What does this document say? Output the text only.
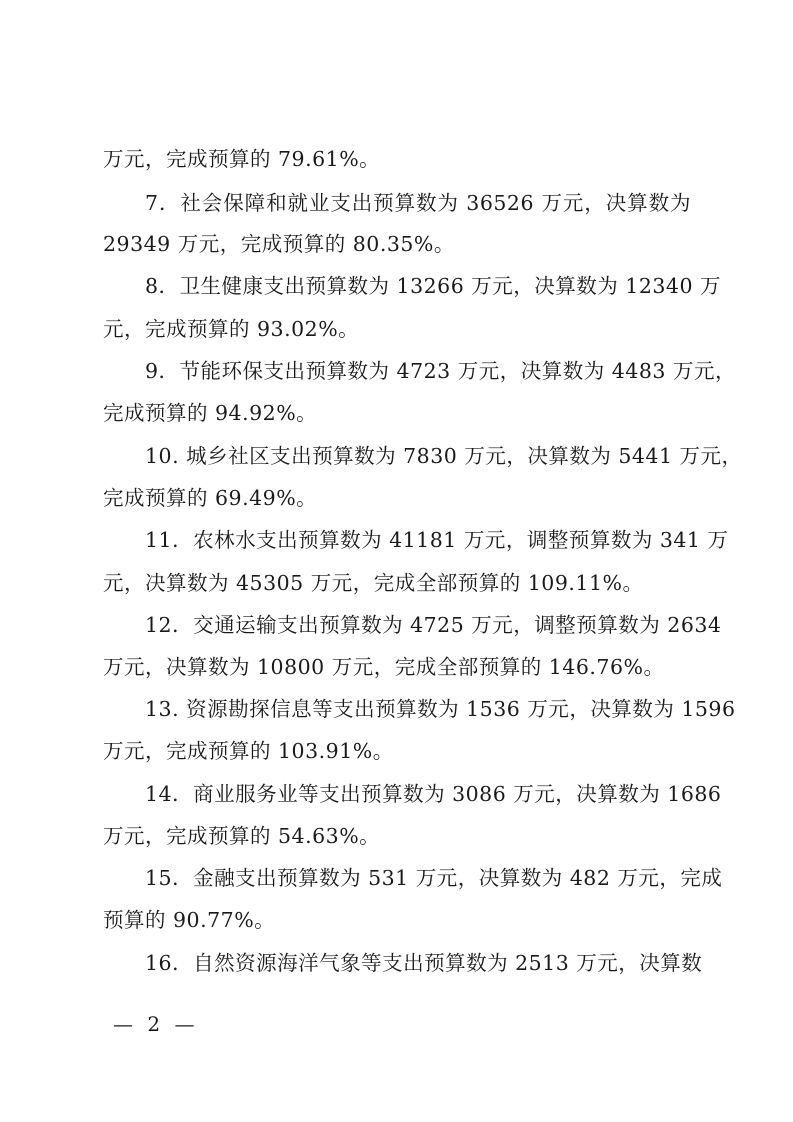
万元，完成预算的 79.61%。
7．社会保障和就业支出预算数为 36526 万元，决算数为
29349 万元，完成预算的 80.35%。
8．卫生健康支出预算数为 13266 万元，决算数为 12340 万
元，完成预算的 93.02%。
9．节能环保支出预算数为 4723 万元，决算数为 4483 万元，
完成预算的 94.92%。
10. 城乡社区支出预算数为 7830 万元，决算数为 5441 万元，
完成预算的 69.49%。
11．农林水支出预算数为 41181 万元，调整预算数为 341 万
元，决算数为 45305 万元，完成全部预算的 109.11%。
12．交通运输支出预算数为 4725 万元，调整预算数为 2634
万元，决算数为 10800 万元，完成全部预算的 146.76%。
13. 资源勘探信息等支出预算数为 1536 万元，决算数为 1596
万元，完成预算的 103.91%。
14．商业服务业等支出预算数为 3086 万元，决算数为 1686
万元，完成预算的 54.63%。
15．金融支出预算数为 531 万元，决算数为 482 万元，完成
预算的 90.77%。
16．自然资源海洋气象等支出预算数为 2513 万元，决算数
— 2 —
